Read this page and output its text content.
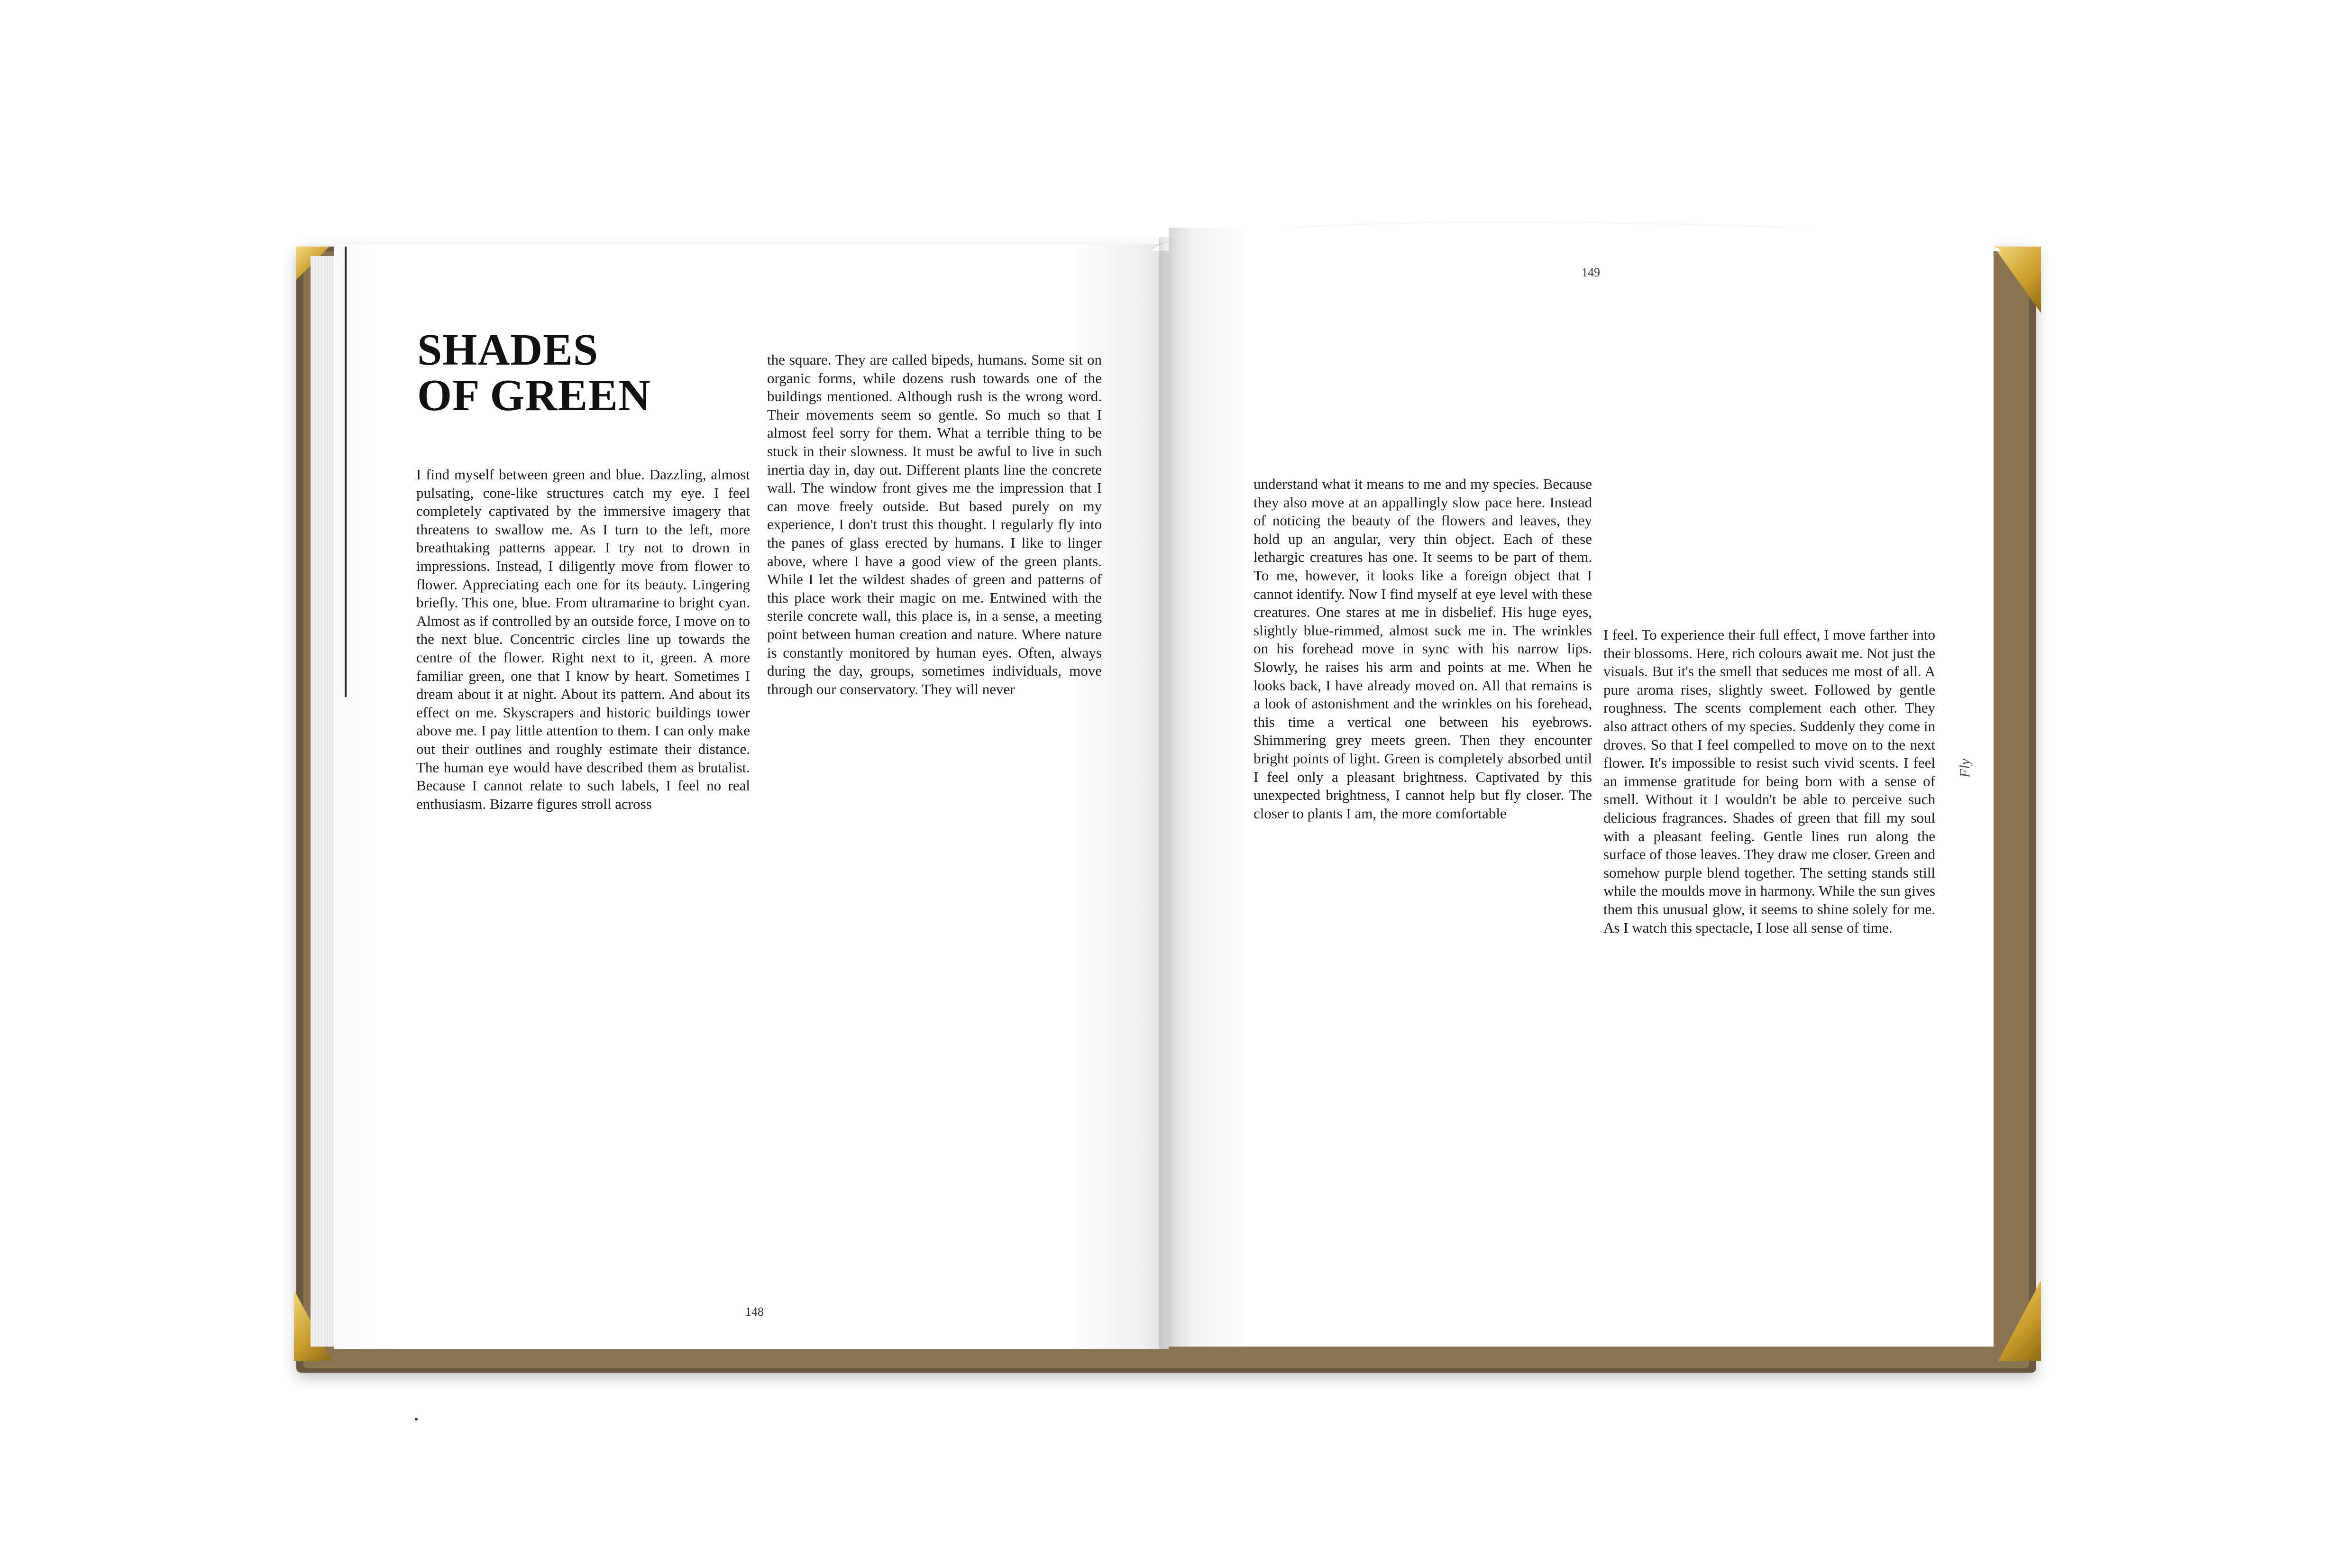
SHADES
OF GREEN

I find myself between green and blue. Dazzling, almost pulsating, cone-like structures catch my eye. I feel completely captivated by the immersive imagery that threatens to swallow me. As I turn to the left, more breathtaking patterns appear. I try not to drown in impressions. Instead, I diligently move from flower to flower. Appreciating each one for its beauty. Lingering briefly. This one, blue. From ultramarine to bright cyan. Almost as if controlled by an outside force, I move on to the next blue. Concentric circles line up towards the centre of the flower. Right next to it, green. A more familiar green, one that I know by heart. Sometimes I dream about it at night. About its pattern. And about its effect on me. Skyscrapers and historic buildings tower above me. I pay little attention to them. I can only make out their outlines and roughly estimate their distance. The human eye would have described them as brutalist. Because I cannot relate to such labels, I feel no real enthusiasm. Bizarre figures stroll across

the square. They are called bipeds, humans. Some sit on organic forms, while dozens rush towards one of the buildings mentioned. Although rush is the wrong word. Their movements seem so gentle. So much so that I almost feel sorry for them. What a terrible thing to be stuck in their slowness. It must be awful to live in such inertia day in, day out. Different plants line the concrete wall. The window front gives me the impression that I can move freely outside. But based purely on my experience, I don't trust this thought. I regularly fly into the panes of glass erected by humans. I like to linger above, where I have a good view of the green plants. While I let the wildest shades of green and patterns of this place work their magic on me. Entwined with the sterile concrete wall, this place is, in a sense, a meeting point between human creation and nature. Where nature is constantly monitored by human eyes. Often, always during the day, groups, sometimes individuals, move through our conservatory. They will never

understand what it means to me and my species. Because they also move at an appallingly slow pace here. Instead of noticing the beauty of the flowers and leaves, they hold up an angular, very thin object. Each of these lethargic creatures has one. It seems to be part of them. To me, however, it looks like a foreign object that I cannot identify. Now I find myself at eye level with these creatures. One stares at me in disbelief. His huge eyes, slightly blue-rimmed, almost suck me in. The wrinkles on his forehead move in sync with his narrow lips. Slowly, he raises his arm and points at me. When he looks back, I have already moved on. All that remains is a look of astonishment and the wrinkles on his forehead, this time a vertical one between his eyebrows. Shimmering grey meets green. Then they encounter bright points of light. Green is completely absorbed until I feel only a pleasant brightness. Captivated by this unexpected brightness, I cannot help but fly closer. The closer to plants I am, the more comfortable

I feel. To experience their full effect, I move farther into their blossoms. Here, rich colours await me. Not just the visuals. But it's the smell that seduces me most of all. A pure aroma rises, slightly sweet. Followed by gentle roughness. The scents complement each other. They also attract others of my species. Suddenly they come in droves. So that I feel compelled to move on to the next flower. It's impossible to resist such vivid scents. I feel an immense gratitude for being born with a sense of smell. Without it I wouldn't be able to perceive such delicious fragrances. Shades of green that fill my soul with a pleasant feeling. Gentle lines run along the surface of those leaves. They draw me closer. Green and somehow purple blend together. The setting stands still while the moulds move in harmony. While the sun gives them this unusual glow, it seems to shine solely for me. As I watch this spectacle, I lose all sense of time.

148
149
Fly
